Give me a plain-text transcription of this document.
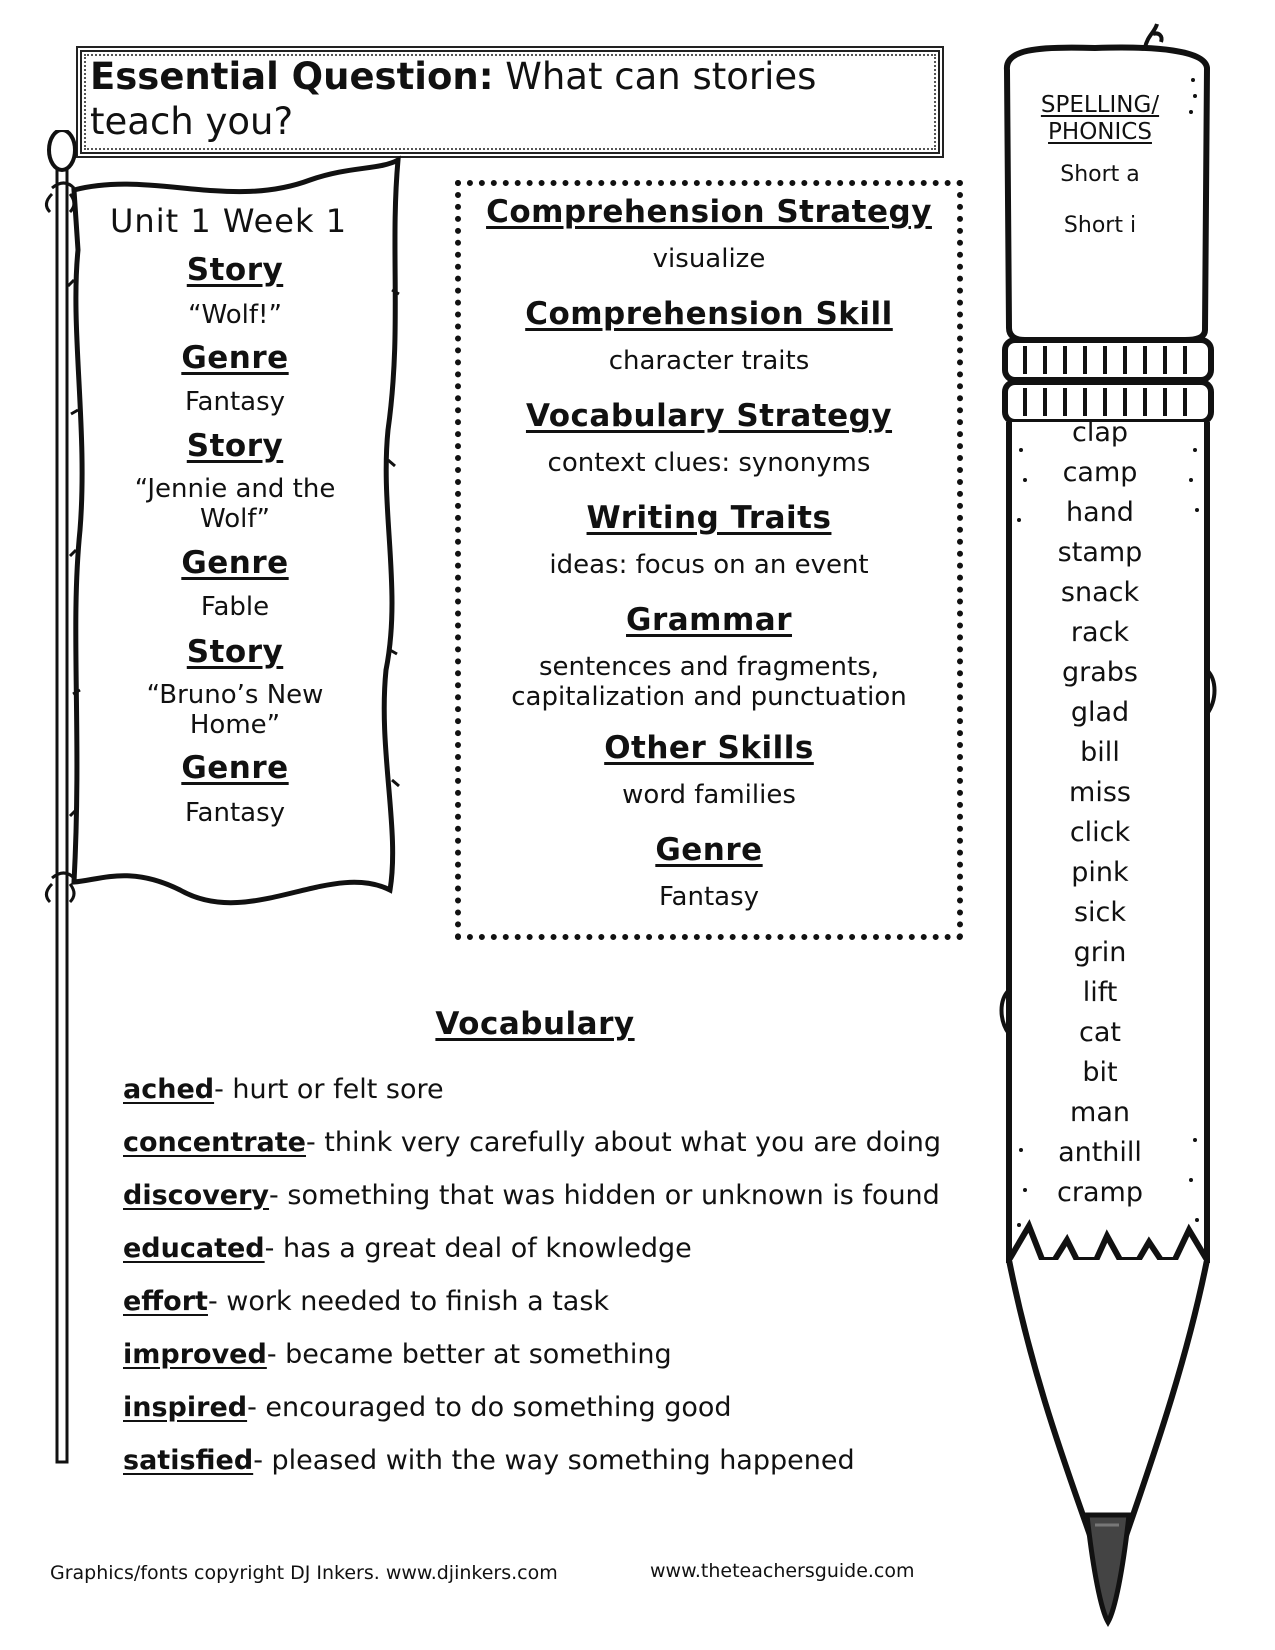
Essential Question: What can stories teach you?
Unit 1 Week 1
Story
“Wolf!”
Genre
Fantasy
Story
“Jennie and the Wolf”
Genre
Fable
Story
“Bruno’s New Home”
Genre
Fantasy
Comprehension Strategy
visualize
Comprehension Skill
character traits
Vocabulary Strategy
context clues: synonyms
Writing Traits
ideas: focus on an event
Grammar
sentences and fragments, capitalization and punctuation
Other Skills
word families
Genre
Fantasy
Vocabulary
ached- hurt or felt sore
concentrate- think very carefully about what you are doing
discovery- something that was hidden or unknown is found
educated- has a great deal of knowledge
effort- work needed to finish a task
improved- became better at something
inspired- encouraged to do something good
satisfied- pleased with the way something happened
SPELLING/
PHONICS
Short a
Short i
clap
camp
hand
stamp
snack
rack
grabs
glad
bill
miss
click
pink
sick
grin
lift
cat
bit
man
anthill
cramp
Graphics/fonts copyright DJ Inkers. www.djinkers.com	www.theteachersguide.com
